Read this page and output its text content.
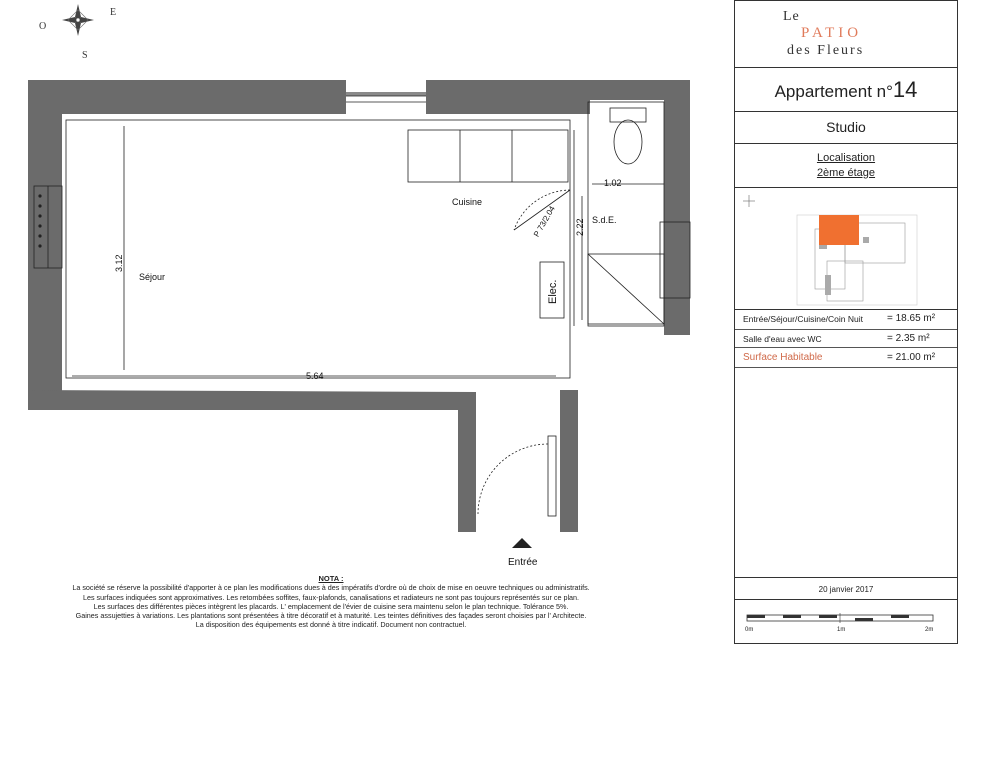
O
E
S
Cuisine
Séjour
S.d.E.
Elec.
Entrée
3.12
5.64
1.02
2.22
P 73/2.04
NOTA :
La société se réserve la possibilité d'apporter à ce plan les modifications dues à des impératifs d'ordre où de choix de mise en oeuvre techniques ou administratifs.
Les surfaces indiquées sont approximatives. Les retombées soffites, faux-plafonds, canalisations et radiateurs ne sont pas toujours représentés sur ce plan.
Les surfaces des différentes pièces intègrent les placards. L' emplacement de l'évier de cuisine sera maintenu selon le plan technique. Tolérance 5%.
Gaines assujetties à variations. Les plantations sont présentées à titre décoratif et à maturité. Les teintes définitives des façades seront choisies par l' Architecte.
La disposition des équipements est donné à titre indicatif. Document non contractuel.
Le
PATIO
des Fleurs
Appartement n°14
Studio
Localisation
2ème étage
Entrée/Séjour/Cuisine/Coin Nuit = 18.65 m²
Salle d'eau avec WC	= 2.35 m²
Surface Habitable	= 21.00 m²
20 janvier 2017
0m	1m	2m
